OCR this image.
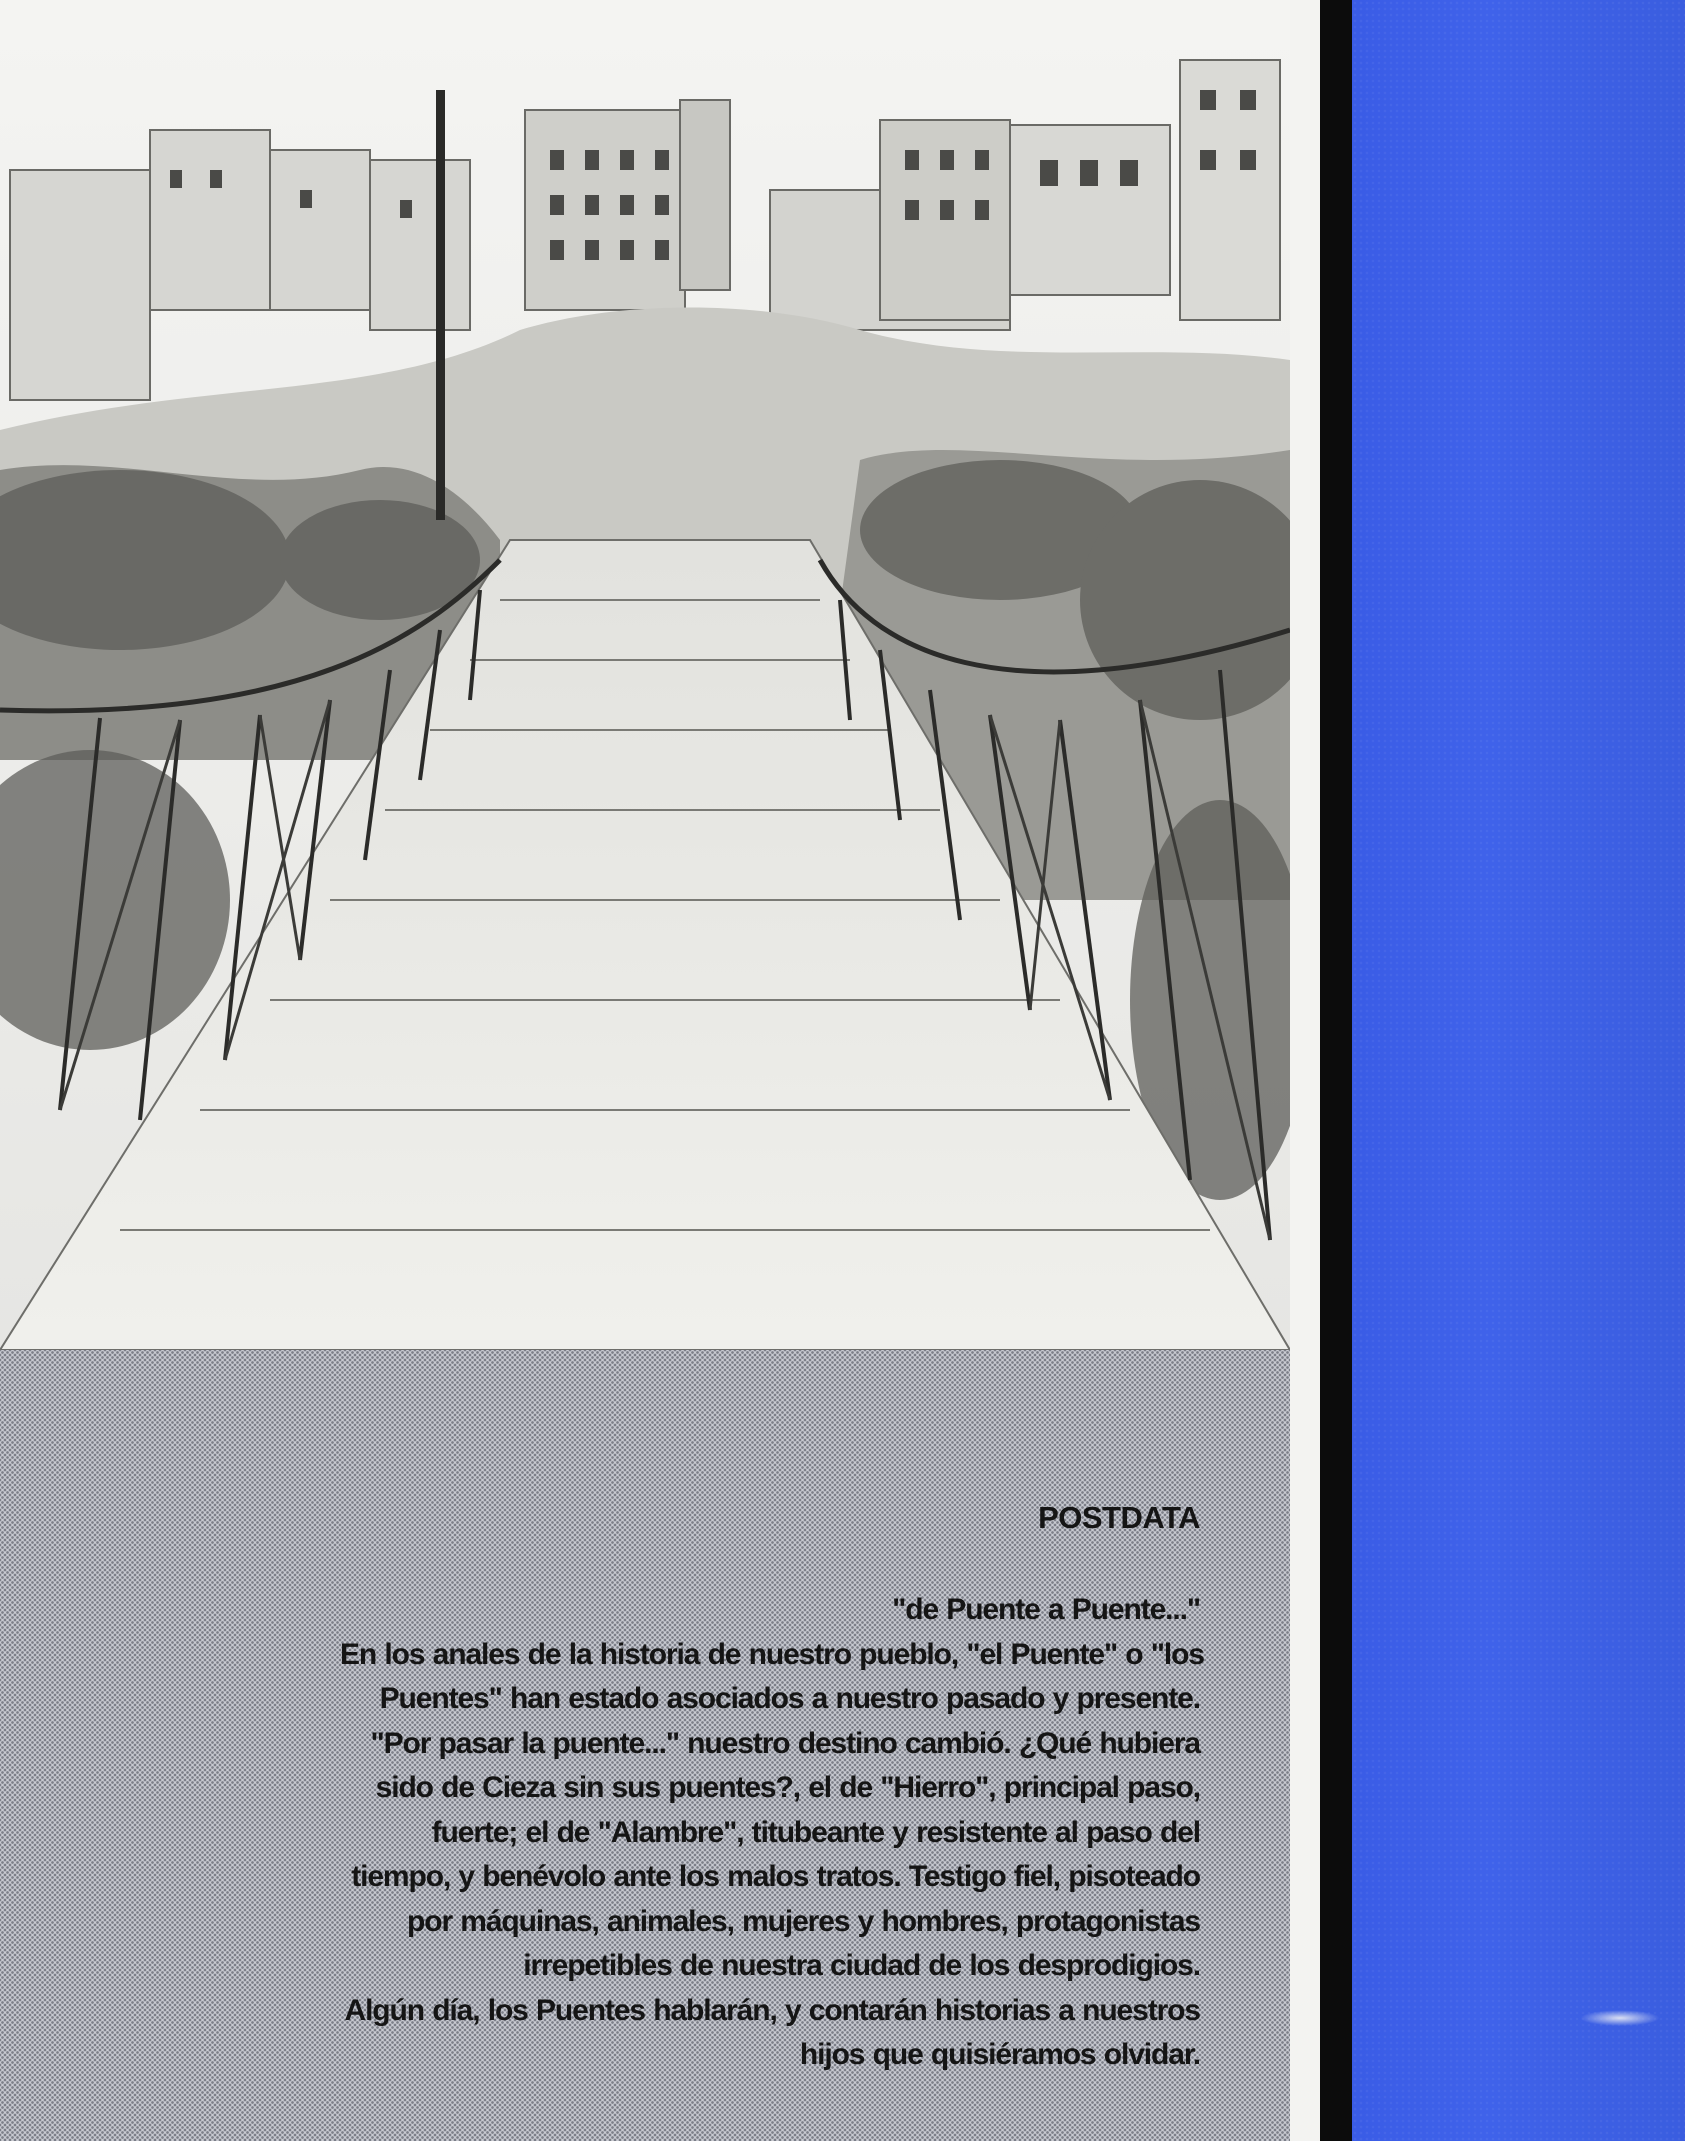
POSTDATA
"de Puente a Puente..."
En los anales de la historia de nuestro pueblo, "el Puente" o "los
Puentes" han estado asociados a nuestro pasado y presente.
"Por pasar la puente..." nuestro destino cambió. ¿Qué hubiera
sido de Cieza sin sus puentes?, el de "Hierro", principal paso,
fuerte; el de "Alambre", titubeante y resistente al paso del
tiempo, y benévolo ante los malos tratos. Testigo fiel, pisoteado
por máquinas, animales, mujeres y hombres, protagonistas
irrepetibles de nuestra ciudad de los desprodigios.
Algún día, los Puentes hablarán, y contarán historias a nuestros
hijos que quisiéramos olvidar.
